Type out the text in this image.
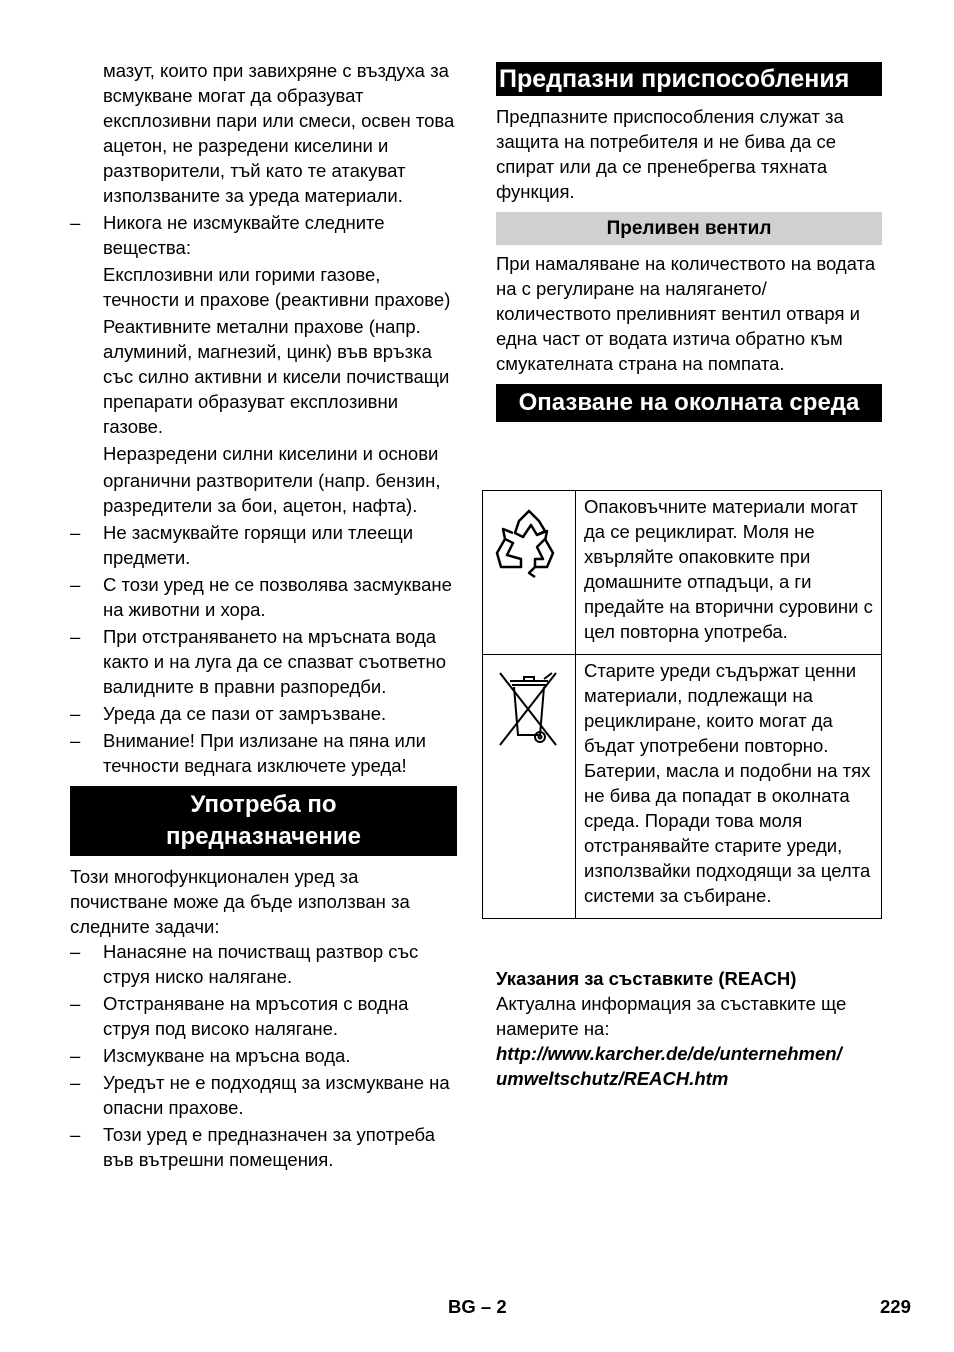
мазут, които при завихряне с въздуха за всмукване могат да образуват експлозивни пари или смеси, освен това ацетон, не разредени киселини и разтворители, тъй като те атакуват използваните за уреда материали.

– Никога не изсмуквайте следните вещества:

Експлозивни или горими газове, течности и прахове (реактивни прахове)

Реактивните метални прахове (напр. алуминий, магнезий, цинк) във връзка със силно активни и кисели почистващи препарати образуват експлозивни газове.

Неразредени силни киселини и основи

органични разтворители (напр. бензин, разредители за бои, ацетон, нафта).

– Не засмуквайте горящи или тлеещи предмети.
– С този уред не се позволява засмукване на животни и хора.
– При отстраняването на мръсната вода както и на луга да се спазват съответно валидните в правни разпоредби.
– Уреда да се пази от замръзване.
– Внимание! При излизане на пяна или течности веднага изключете уреда!
Употреба по предназначение

Този многофункционален уред за почистване може да бъде използван за следните задачи:

– Нанасяне на почистващ разтвор със струя ниско налягане.
– Отстраняване на мръсотия с водна струя под високо налягане.
– Изсмукване на мръсна вода.
– Уредът не е подходящ за изсмукване на опасни прахове.
– Този уред е предназначен за употреба във вътрешни помещения.
Предпазни приспособления

Предпазните приспособления служат за защита на потребителя и не бива да се спират или да се пренебрегва тяхната функция.

Преливен вентил

При намаляване на количеството на водата на с регулиране на налягането/ количеството преливният вентил отваря и една част от водата изтича обратно към смукателната страна на помпата.

Опазване на околната среда
	Опаковъчните материали могат да се рециклират. Моля не хвърляйте опаковките при домашните отпадъци, а ги предайте на вторични суровини с цел повторна употреба.
	Старите уреди съдържат ценни материали, подлежащи на рециклиране, които могат да бъдат употребени повторно. Батерии, масла и подобни на тях не бива да попадат в околната среда. Поради това моля отстранявайте старите уреди, използвайки подходящи за целта системи за събиране.

Указания за съставките (REACH)

Актуална информация за съставките ще намерите на:

http://www.karcher.de/de/unternehmen/ umweltschutz/REACH.htm

BG – 2	229
